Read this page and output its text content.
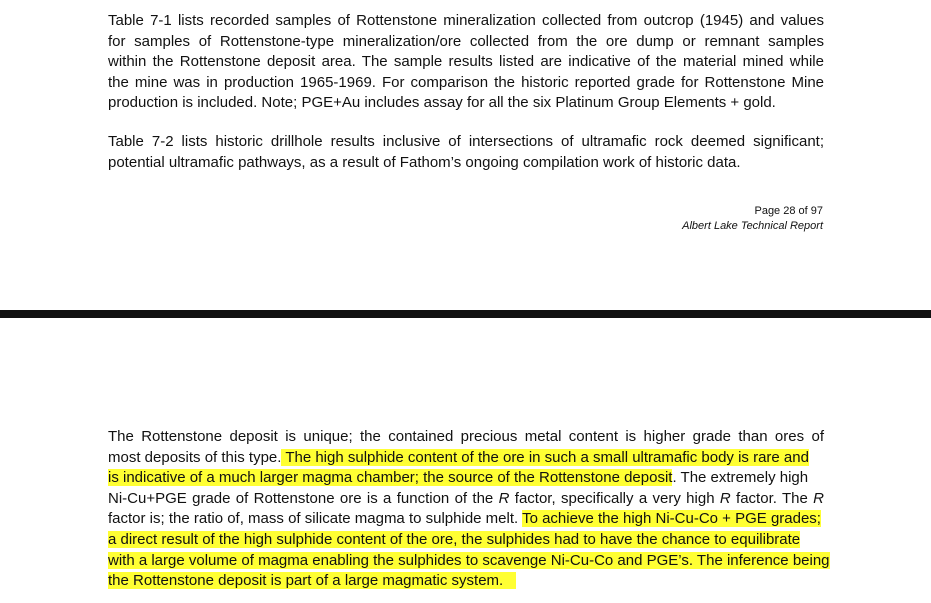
Table 7-1 lists recorded samples of Rottenstone mineralization collected from outcrop (1945) and values
for samples of Rottenstone-type mineralization/ore collected from the ore dump or remnant samples
within the Rottenstone deposit area. The sample results listed are indicative of the material mined while
the mine was in production 1965-1969. For comparison the historic reported grade for Rottenstone Mine
production is included. Note; PGE+Au includes assay for all the six Platinum Group Elements + gold.

Table 7-2 lists historic drillhole results inclusive of intersections of ultramafic rock deemed significant;
potential ultramafic pathways, as a result of Fathom’s ongoing compilation work of historic data.

Page 28 of 97
Albert Lake Technical Report

The Rottenstone deposit is unique; the contained precious metal content is higher grade than ores of
most deposits of this type. The high sulphide content of the ore in such a small ultramafic body is rare and
is indicative of a much larger magma chamber; the source of the Rottenstone deposit. The extremely high
Ni-Cu+PGE grade of Rottenstone ore is a function of the R factor, specifically a very high R factor. The R
factor is; the ratio of, mass of silicate magma to sulphide melt. To achieve the high Ni-Cu-Co + PGE grades;
a direct result of the high sulphide content of the ore, the sulphides had to have the chance to equilibrate
with a large volume of magma enabling the sulphides to scavenge Ni-Cu-Co and PGE’s. The inference being
the Rottenstone deposit is part of a large magmatic system.
